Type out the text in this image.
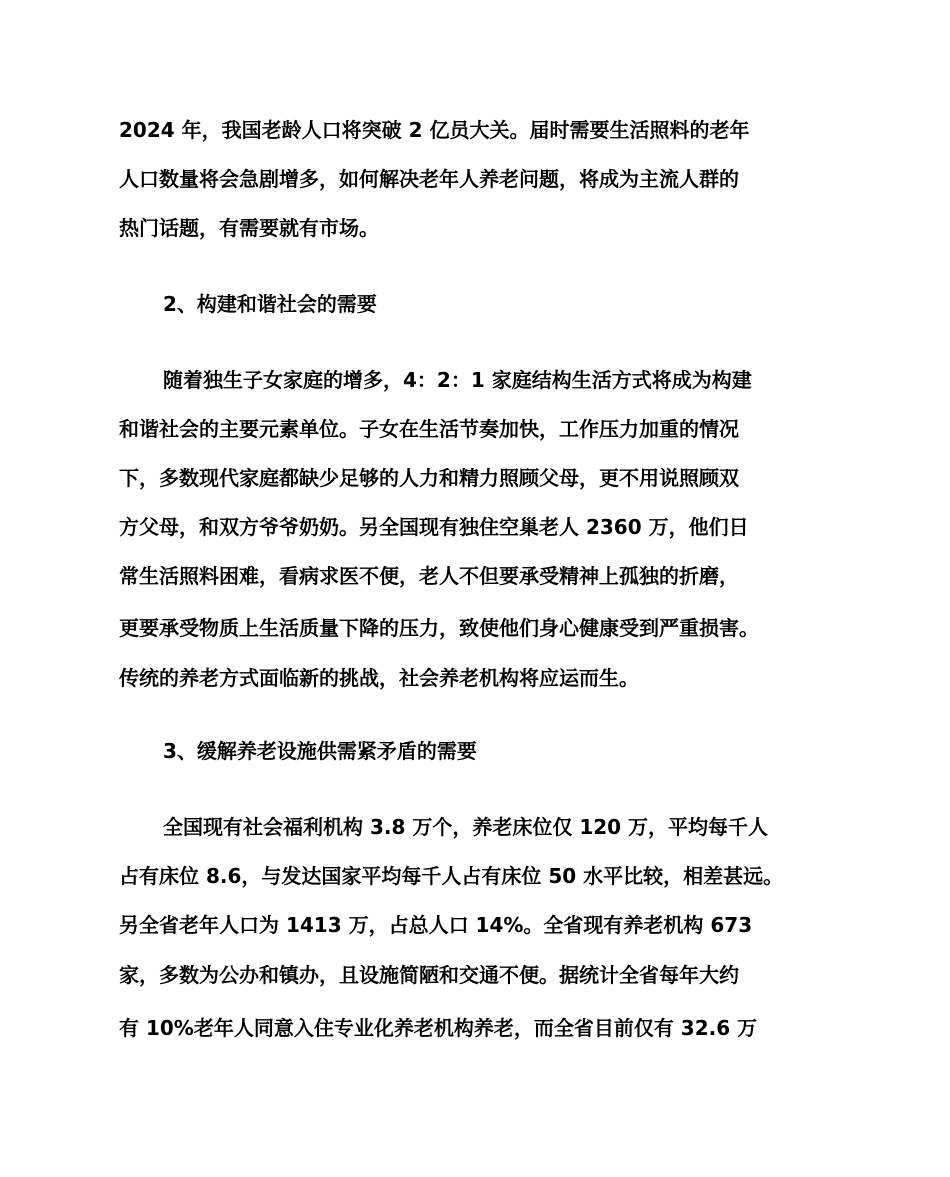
2024 年，我国老龄人口将突破 2 亿员大关。届时需要生活照料的老年
人口数量将会急剧增多，如何解决老年人养老问题，将成为主流人群的
热门话题，有需要就有市场。
2、构建和谐社会的需要
随着独生子女家庭的增多，4：2：1 家庭结构生活方式将成为构建
和谐社会的主要元素单位。子女在生活节奏加快，工作压力加重的情况
下，多数现代家庭都缺少足够的人力和精力照顾父母，更不用说照顾双
方父母，和双方爷爷奶奶。另全国现有独住空巢老人 2360 万，他们日
常生活照料困难，看病求医不便，老人不但要承受精神上孤独的折磨，
更要承受物质上生活质量下降的压力，致使他们身心健康受到严重损害。
传统的养老方式面临新的挑战，社会养老机构将应运而生。
3、缓解养老设施供需紧矛盾的需要
全国现有社会福利机构 3.8 万个，养老床位仅 120 万，平均每千人
占有床位 8.6，与发达国家平均每千人占有床位 50 水平比较，相差甚远。
另全省老年人口为 1413 万，占总人口 14%。全省现有养老机构 673
家，多数为公办和镇办，且设施简陋和交通不便。据统计全省每年大约
有 10%老年人同意入住专业化养老机构养老，而全省目前仅有 32.6 万
